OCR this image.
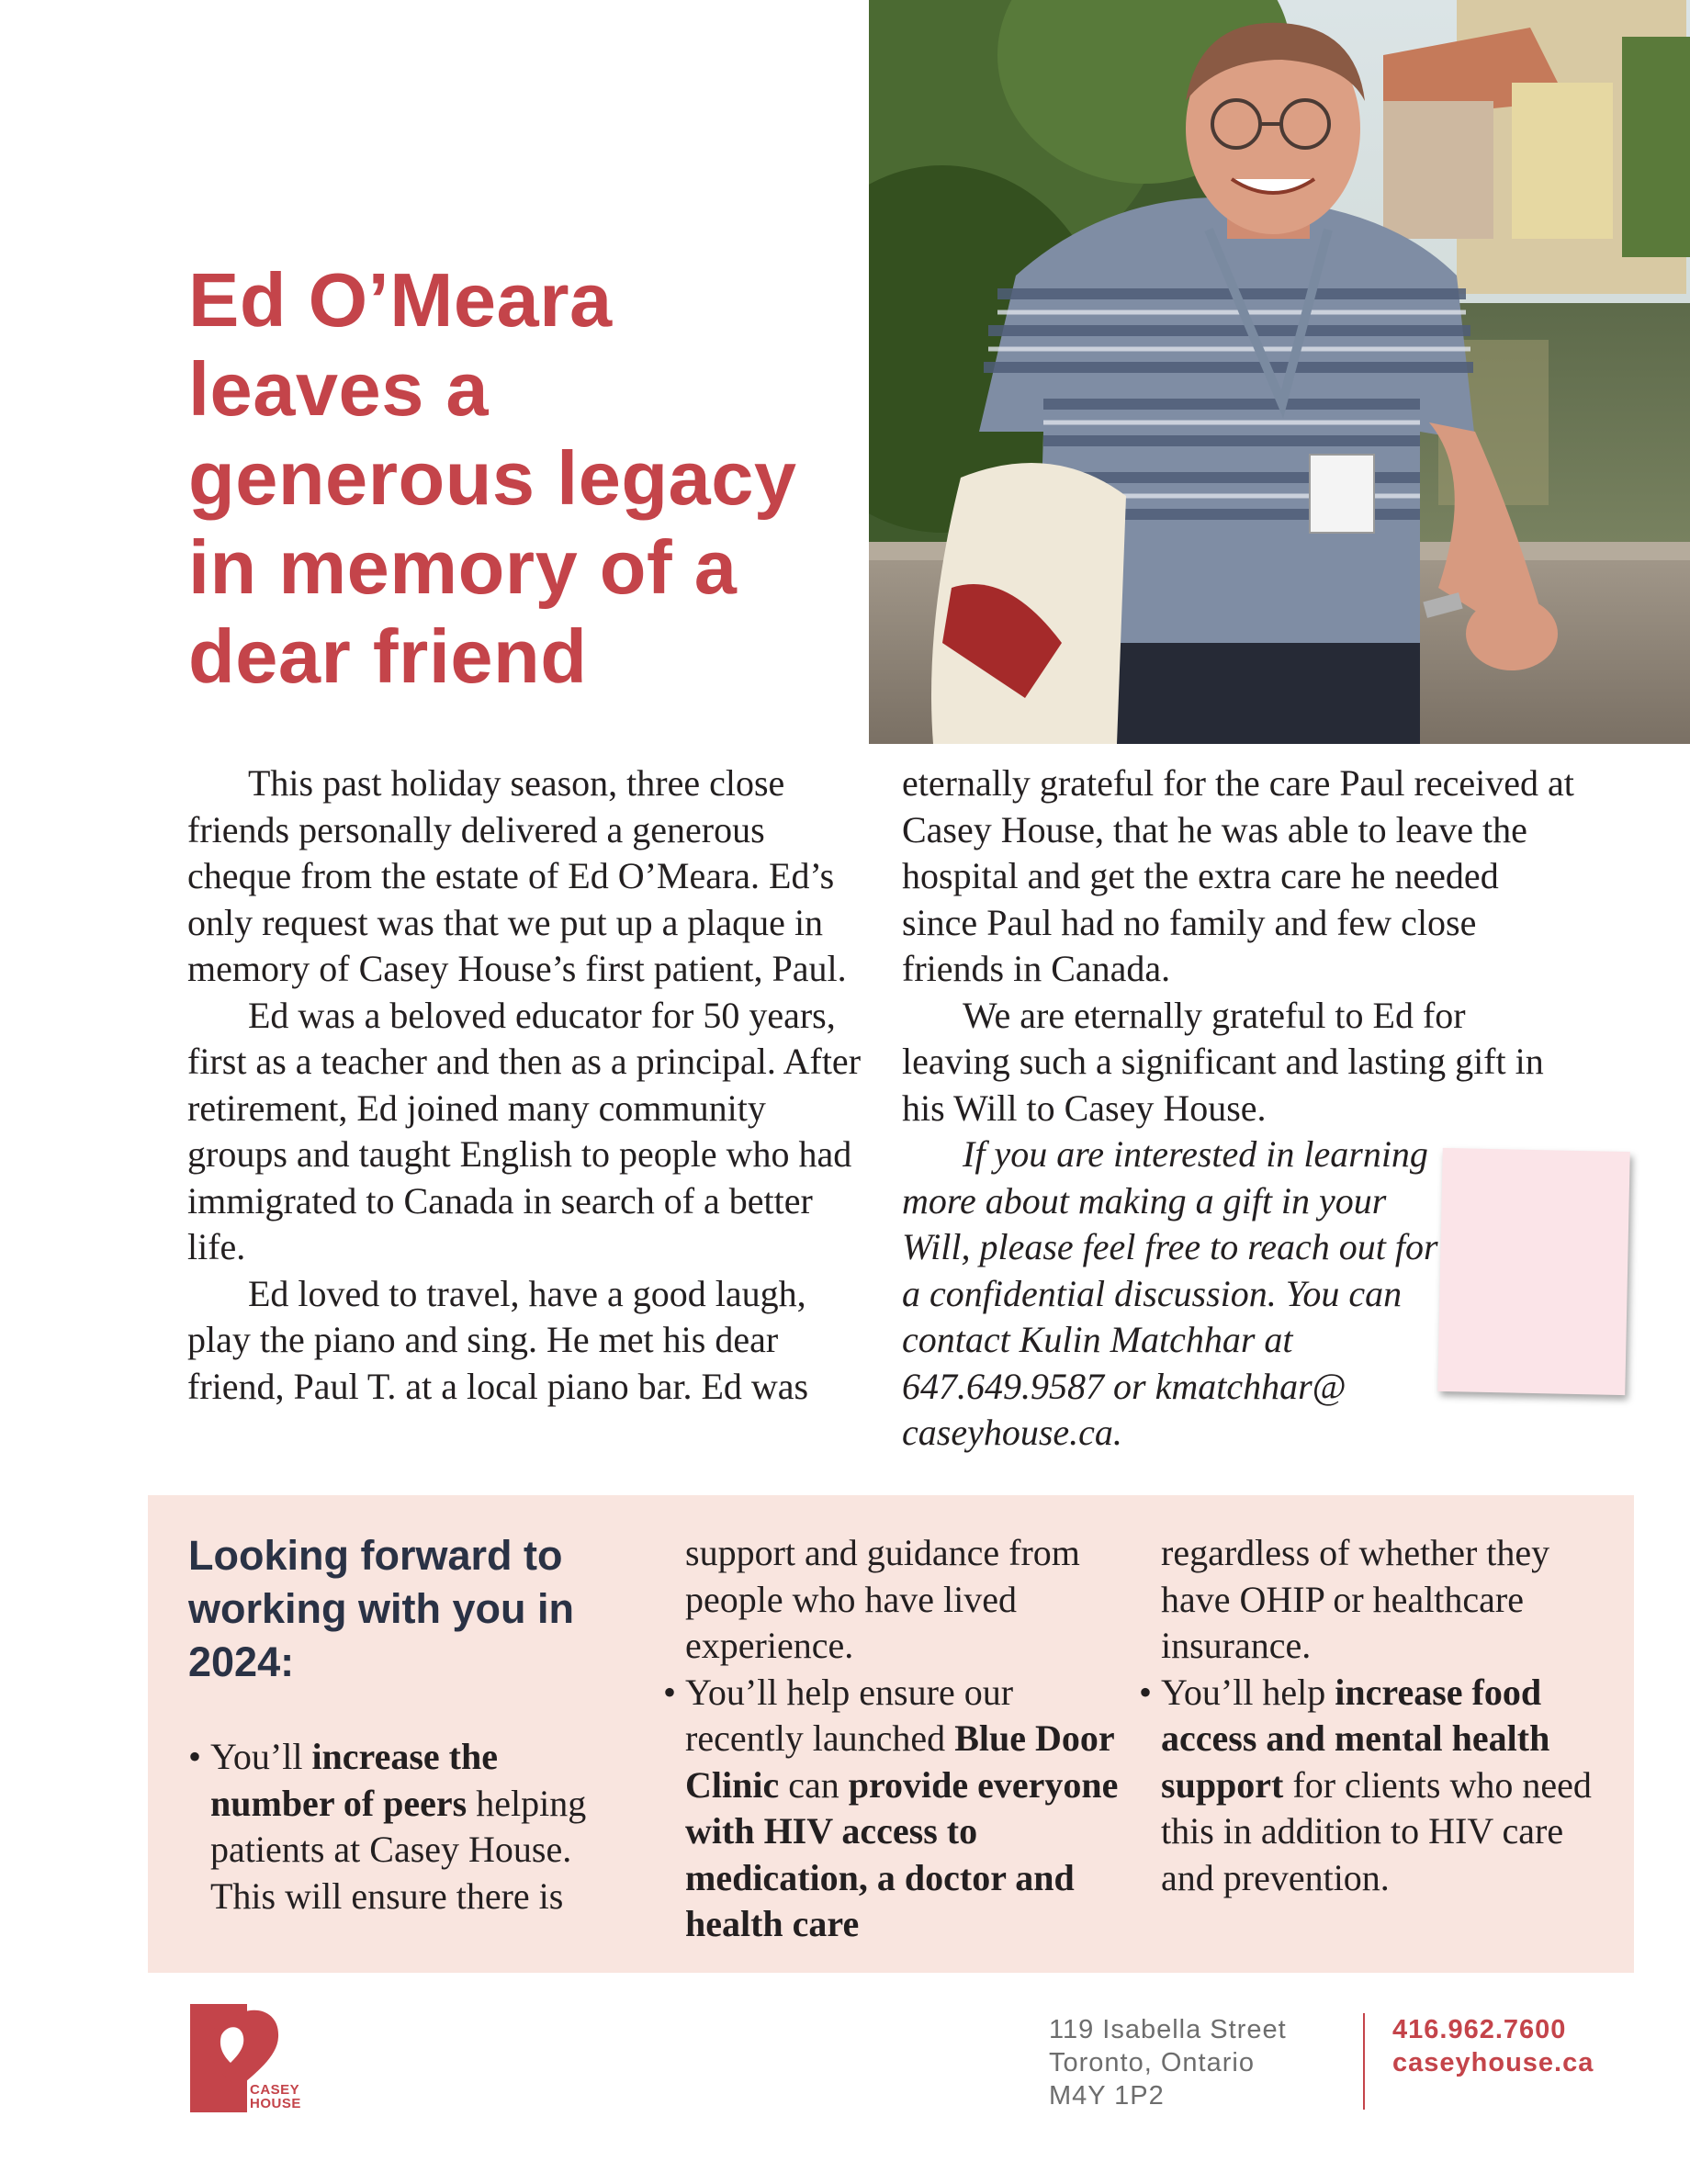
Ed O’Meara
leaves a
generous legacy
in memory of a
dear friend

This past holiday season, three close friends personally delivered a generous cheque from the estate of Ed O’Meara. Ed’s only request was that we put up a plaque in memory of Casey House’s first patient, Paul.

Ed was a beloved educator for 50 years, first as a teacher and then as a principal. After retirement, Ed joined many community groups and taught English to people who had immigrated to Canada in search of a better life.

Ed loved to travel, have a good laugh, play the piano and sing. He met his dear friend, Paul T. at a local piano bar. Ed was

eternally grateful for the care Paul received at Casey House, that he was able to leave the hospital and get the extra care he needed since Paul had no family and few close friends in Canada.

We are eternally grateful to Ed for leaving such a significant and lasting gift in his Will to Casey House.

If you are interested in learning more about making a gift in your Will, please feel free to reach out for a confidential discussion. You can contact Kulin Matchhar at 647.649.9587 or kmatchhar@ caseyhouse.ca.

Looking forward to working with you in 2024:

• You’ll increase the number of peers helping patients at Casey House. This will ensure there is

support and guidance from people who have lived experience.

• You’ll help ensure our recently launched Blue Door Clinic can provide everyone with HIV access to medication, a doctor and health care

regardless of whether they have OHIP or healthcare insurance.

• You’ll help increase food access and mental health support for clients who need this in addition to HIV care and prevention.

CASEY
HOUSE
119 Isabella Street
Toronto, Ontario
M4Y 1P2
416.962.7600
caseyhouse.ca
